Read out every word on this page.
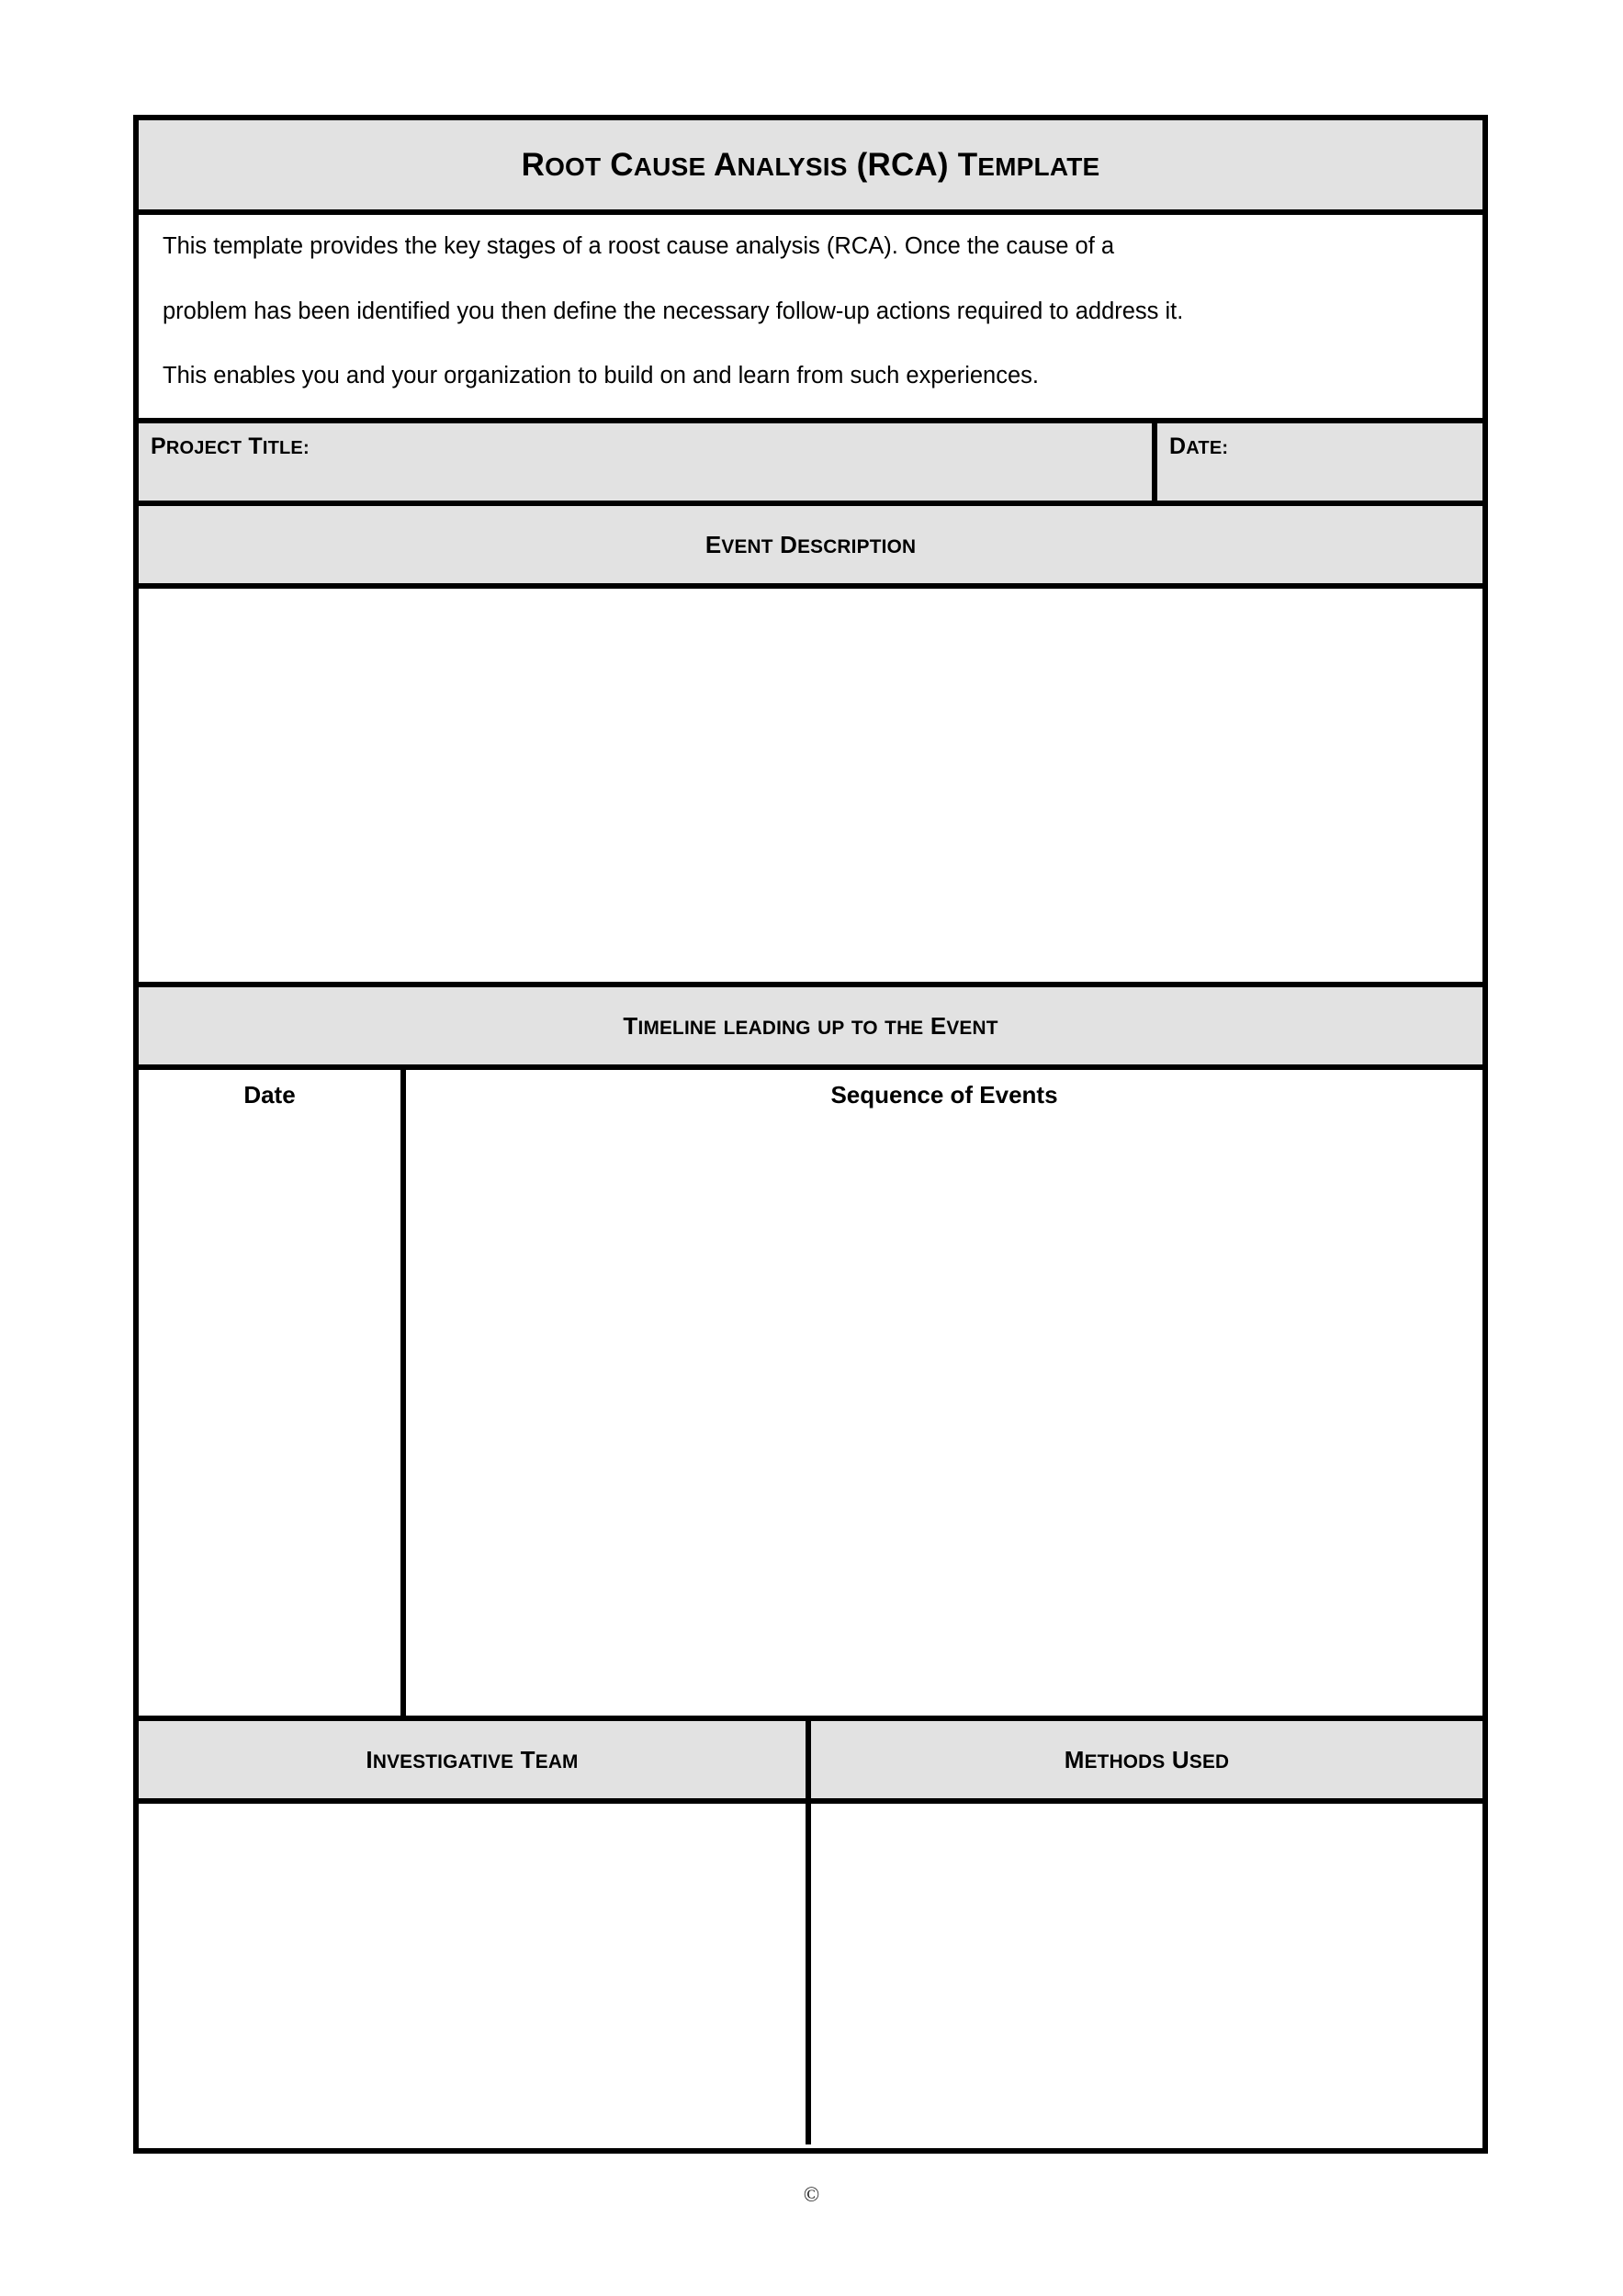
ROOT CAUSE ANALYSIS (RCA) TEMPLATE

This template provides the key stages of a roost cause analysis (RCA). Once the cause of a

problem has been identified you then define the necessary follow-up actions required to address it.

This enables you and your organization to build on and learn from such experiences.

PROJECT TITLE:	DATE:
EVENT DESCRIPTION
TIMELINE LEADING UP TO THE EVENT
Date	Sequence of Events
INVESTIGATIVE TEAM	METHODS USED
©
